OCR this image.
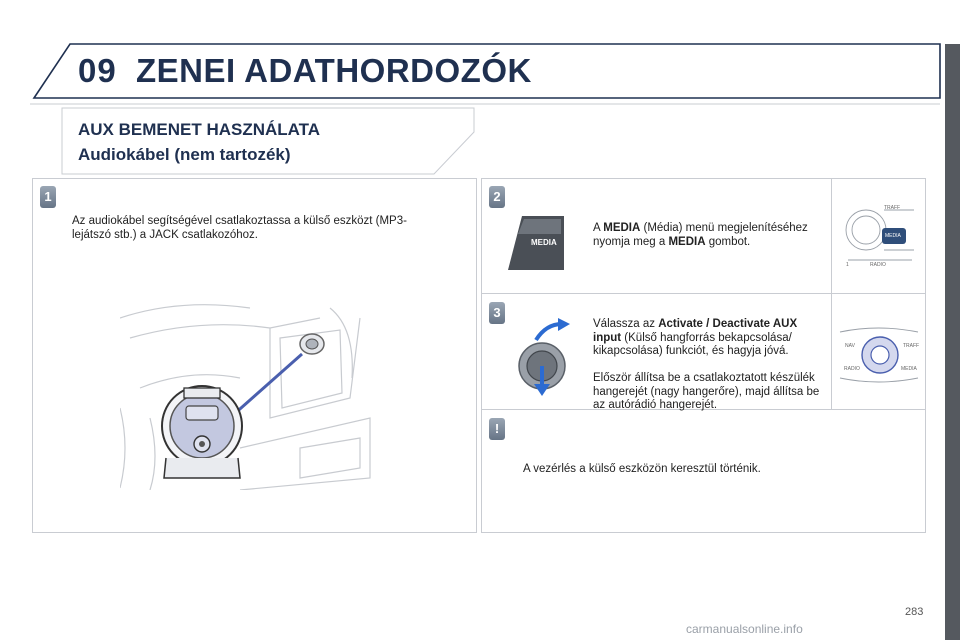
09 ZENEI ADATHORDOZÓK
AUX BEMENET HASZNÁLATA
Audiokábel (nem tartozék)
1
Az audiokábel segítségével csatlakoztassa a külső eszközt (MP3-lejátszó stb.) a JACK csatlakozóhoz.
2
MEDIA
A MEDIA (Média) menü megjelenítéséhez nyomja meg a MEDIA gombot.
TRAFF
MEDIA
RADIO
1
3
Válassza az Activate / Deactivate AUX input (Külső hangforrás bekapcsolása/ kikapcsolása) funkciót, és hagyja jóvá.
Először állítsa be a csatlakoztatott készülék hangerejét (nagy hangerőre), majd állítsa be az autórádió hangerejét.
NAV	TRAFF
RADIO	MEDIA
!
A vezérlés a külső eszközön keresztül történik.
283
carmanualsonline.info
